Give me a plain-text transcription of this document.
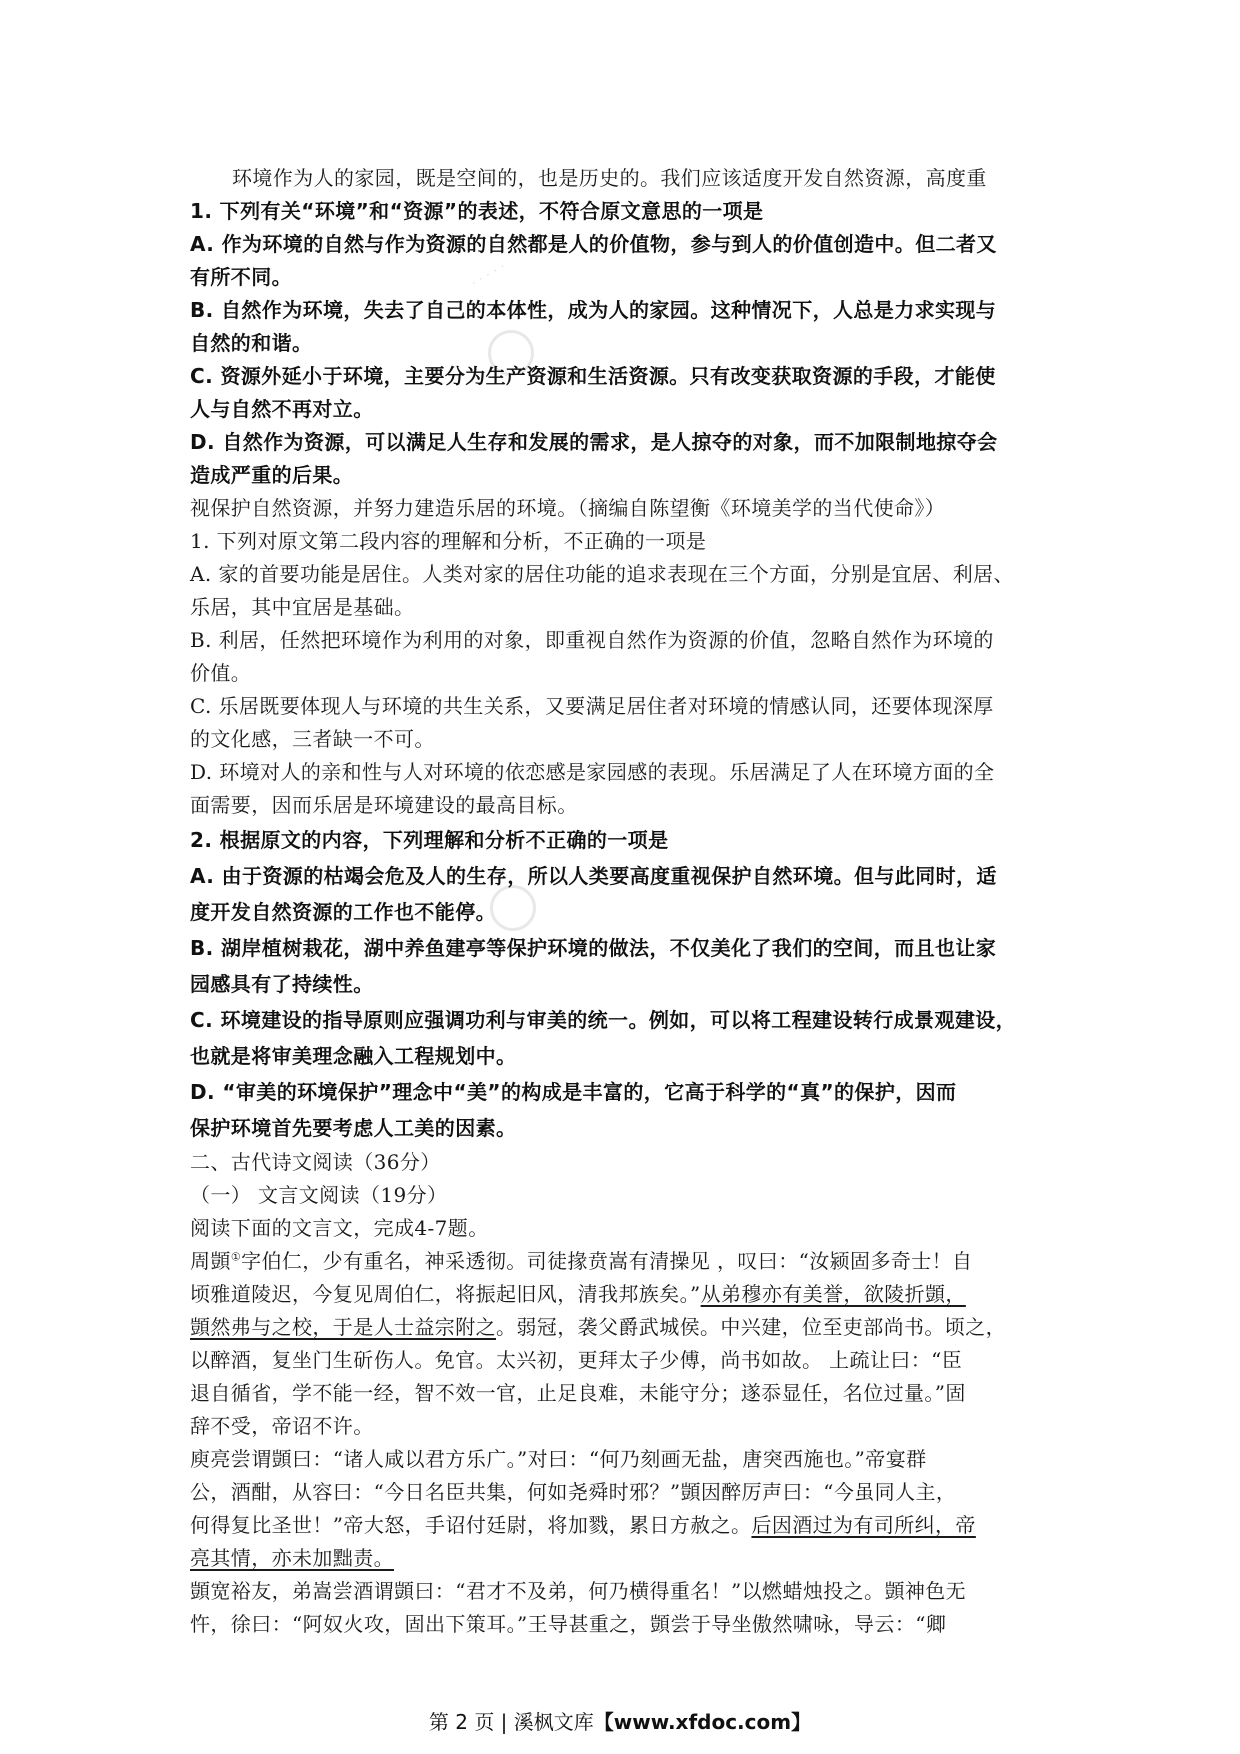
· · · · ·
环境作为人的家园，既是空间的，也是历史的。我们应该适度开发自然资源，高度重
1. 下列有关“环境”和“资源”的表述，不符合原文意思的一项是
A. 作为环境的自然与作为资源的自然都是人的价值物，参与到人的价值创造中。但二者又
有所不同。
B. 自然作为环境，失去了自己的本体性，成为人的家园。这种情况下，人总是力求实现与
自然的和谐。
C. 资源外延小于环境，主要分为生产资源和生活资源。只有改变获取资源的手段，才能使
人与自然不再对立。
D. 自然作为资源，可以满足人生存和发展的需求，是人掠夺的对象，而不加限制地掠夺会
造成严重的后果。
视保护自然资源，并努力建造乐居的环境。（摘编自陈望衡《环境美学的当代使命》）
1. 下列对原文第二段内容的理解和分析，不正确的一项是
A. 家的首要功能是居住。人类对家的居住功能的追求表现在三个方面，分别是宜居、利居、
乐居，其中宜居是基础。
B. 利居，任然把环境作为利用的对象，即重视自然作为资源的价值，忽略自然作为环境的
价值。
C. 乐居既要体现人与环境的共生关系，又要满足居住者对环境的情感认同，还要体现深厚
的文化感，三者缺一不可。
D. 环境对人的亲和性与人对环境的依恋感是家园感的表现。乐居满足了人在环境方面的全
面需要，因而乐居是环境建设的最高目标。
2. 根据原文的内容，下列理解和分析不正确的一项是
A. 由于资源的枯竭会危及人的生存，所以人类要高度重视保护自然环境。但与此同时，适
度开发自然资源的工作也不能停。
B. 湖岸植树栽花，湖中养鱼建亭等保护环境的做法，不仅美化了我们的空间，而且也让家
园感具有了持续性。
C. 环境建设的指导原则应强调功利与审美的统一。例如，可以将工程建设转行成景观建设，
也就是将审美理念融入工程规划中。
D. “审美的环境保护”理念中“美”的构成是丰富的，它高于科学的“真”的保护，因而
保护环境首先要考虑人工美的因素。
二、古代诗文阅读（36分）
（一） 文言文阅读（19分）
阅读下面的文言文，完成4-7题。
周顗①字伯仁，少有重名，神采透彻。司徒掾贲嵩有清操见 ，叹曰：“汝颍固多奇士！自
顷雅道陵迟，今复见周伯仁，将振起旧风，清我邦族矣。”从弟穆亦有美誉，欲陵折顗，
顗然弗与之校，于是人士益宗附之。弱冠，袭父爵武城侯。中兴建，位至吏部尚书。顷之，
以醉酒，复坐门生斫伤人。免官。太兴初，更拜太子少傅，尚书如故。 上疏让曰：“臣
退自循省，学不能一经，智不效一官，止足良难，未能守分；遂忝显任，名位过量。”固
辞不受，帝诏不许。
庾亮尝谓顗曰：“诸人咸以君方乐广。”对曰：“何乃刻画无盐，唐突西施也。”帝宴群
公，酒酣，从容曰：“今日名臣共集，何如尧舜时邪？”顗因醉厉声曰：“今虽同人主，
何得复比圣世！”帝大怒，手诏付廷尉，将加戮，累日方赦之。后因酒过为有司所纠，帝
亮其情，亦未加黜责。
顗宽裕友，弟嵩尝酒谓顗曰：“君才不及弟，何乃横得重名！”以燃蜡烛投之。顗神色无
忤，徐曰：“阿奴火攻，固出下策耳。”王导甚重之，顗尝于导坐傲然啸咏，导云：“卿
第 2 页 | 溪枫文库【www.xfdoc.com】
